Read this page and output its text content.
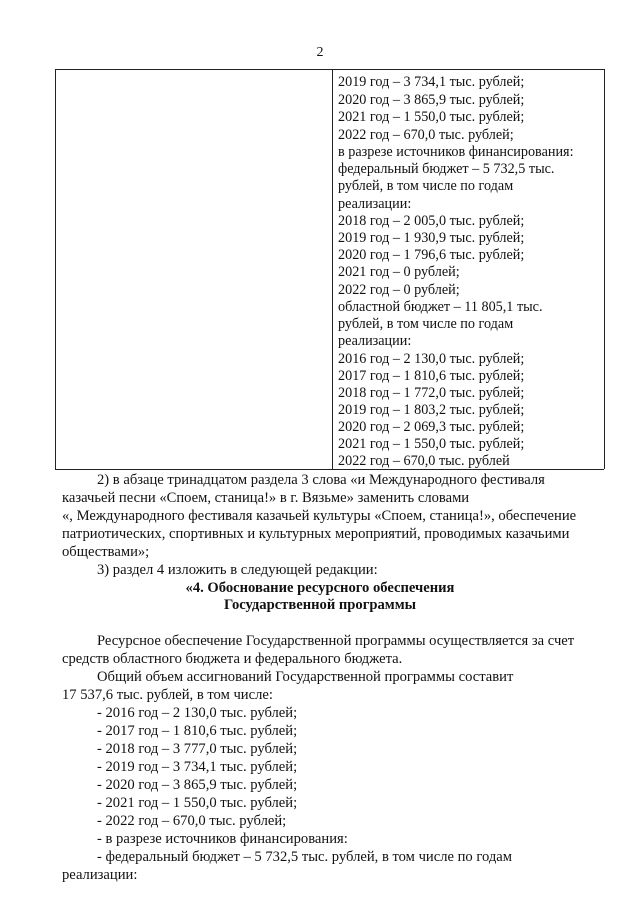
2
2019 год – 3 734,1 тыс. рублей;
2020 год – 3 865,9 тыс. рублей;
2021 год – 1 550,0 тыс. рублей;
2022 год – 670,0 тыс. рублей;
в разрезе источников финансирования:
федеральный бюджет – 5 732,5 тыс.
рублей, в том числе по годам
реализации:
2018 год – 2 005,0 тыс. рублей;
2019 год – 1 930,9 тыс. рублей;
2020 год – 1 796,6 тыс. рублей;
2021 год – 0 рублей;
2022 год – 0 рублей;
областной бюджет – 11 805,1 тыс.
рублей, в том числе по годам
реализации:
2016 год – 2 130,0 тыс. рублей;
2017 год – 1 810,6 тыс. рублей;
2018 год – 1 772,0 тыс. рублей;
2019 год – 1 803,2 тыс. рублей;
2020 год – 2 069,3 тыс. рублей;
2021 год – 1 550,0 тыс. рублей;
2022 год – 670,0 тыс. рублей
2) в абзаце тринадцатом раздела 3 слова «и Международного фестиваля
казачьей песни «Споем, станица!» в г. Вязьме» заменить словами
«, Международного фестиваля казачьей культуры «Споем, станица!», обеспечение
патриотических, спортивных и культурных мероприятий, проводимых казачьими
обществами»;
3) раздел 4 изложить в следующей редакции:
«4. Обоснование ресурсного обеспечения
Государственной программы
Ресурсное обеспечение Государственной программы осуществляется за счет
средств областного бюджета и федерального бюджета.
Общий объем ассигнований Государственной программы составит
17 537,6 тыс. рублей, в том числе:
- 2016 год – 2 130,0 тыс. рублей;
- 2017 год – 1 810,6 тыс. рублей;
- 2018 год – 3 777,0 тыс. рублей;
- 2019 год – 3 734,1 тыс. рублей;
- 2020 год – 3 865,9 тыс. рублей;
- 2021 год – 1 550,0 тыс. рублей;
- 2022 год – 670,0 тыс. рублей;
- в разрезе источников финансирования:
- федеральный бюджет – 5 732,5 тыс. рублей, в том числе по годам
реализации:
